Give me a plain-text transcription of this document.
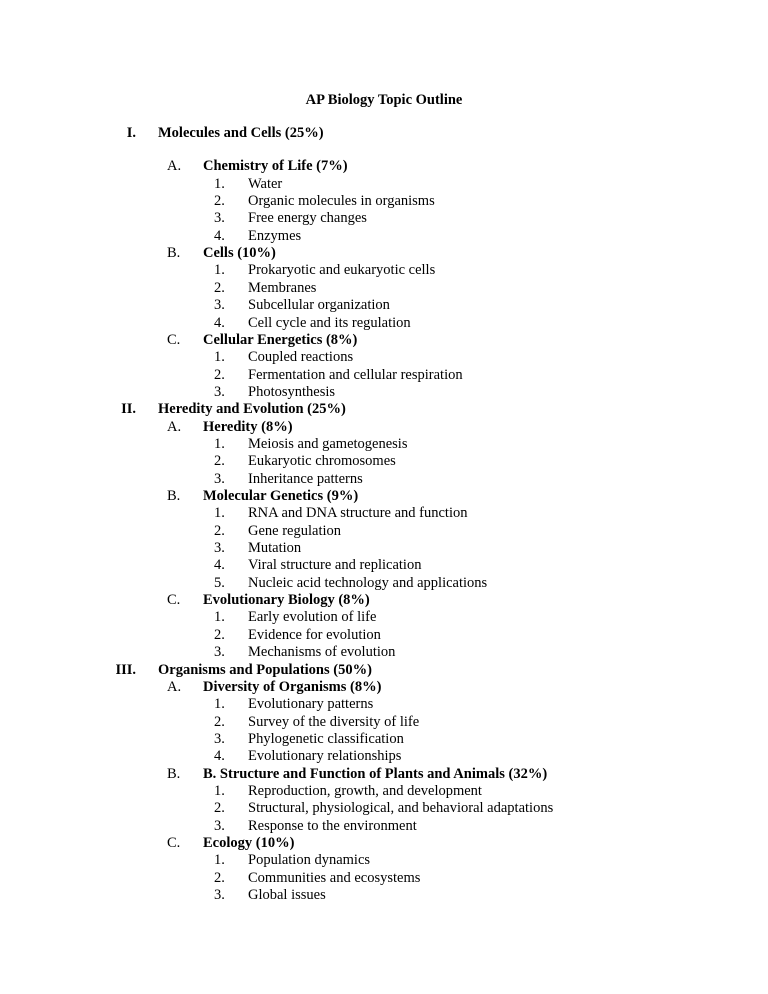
AP Biology Topic Outline
I. Molecules and Cells (25%)
A. Chemistry of Life (7%)
1. Water
2. Organic molecules in organisms
3. Free energy changes
4. Enzymes
B. Cells (10%)
1. Prokaryotic and eukaryotic cells
2. Membranes
3. Subcellular organization
4. Cell cycle and its regulation
C. Cellular Energetics (8%)
1. Coupled reactions
2. Fermentation and cellular respiration
3. Photosynthesis
II. Heredity and Evolution (25%)
A. Heredity (8%)
1. Meiosis and gametogenesis
2. Eukaryotic chromosomes
3. Inheritance patterns
B. Molecular Genetics (9%)
1. RNA and DNA structure and function
2. Gene regulation
3. Mutation
4. Viral structure and replication
5. Nucleic acid technology and applications
C. Evolutionary Biology (8%)
1. Early evolution of life
2. Evidence for evolution
3. Mechanisms of evolution
III. Organisms and Populations (50%)
A. Diversity of Organisms (8%)
1. Evolutionary patterns
2. Survey of the diversity of life
3. Phylogenetic classification
4. Evolutionary relationships
B. B. Structure and Function of Plants and Animals (32%)
1. Reproduction, growth, and development
2. Structural, physiological, and behavioral adaptations
3. Response to the environment
C. Ecology (10%)
1. Population dynamics
2. Communities and ecosystems
3. Global issues
